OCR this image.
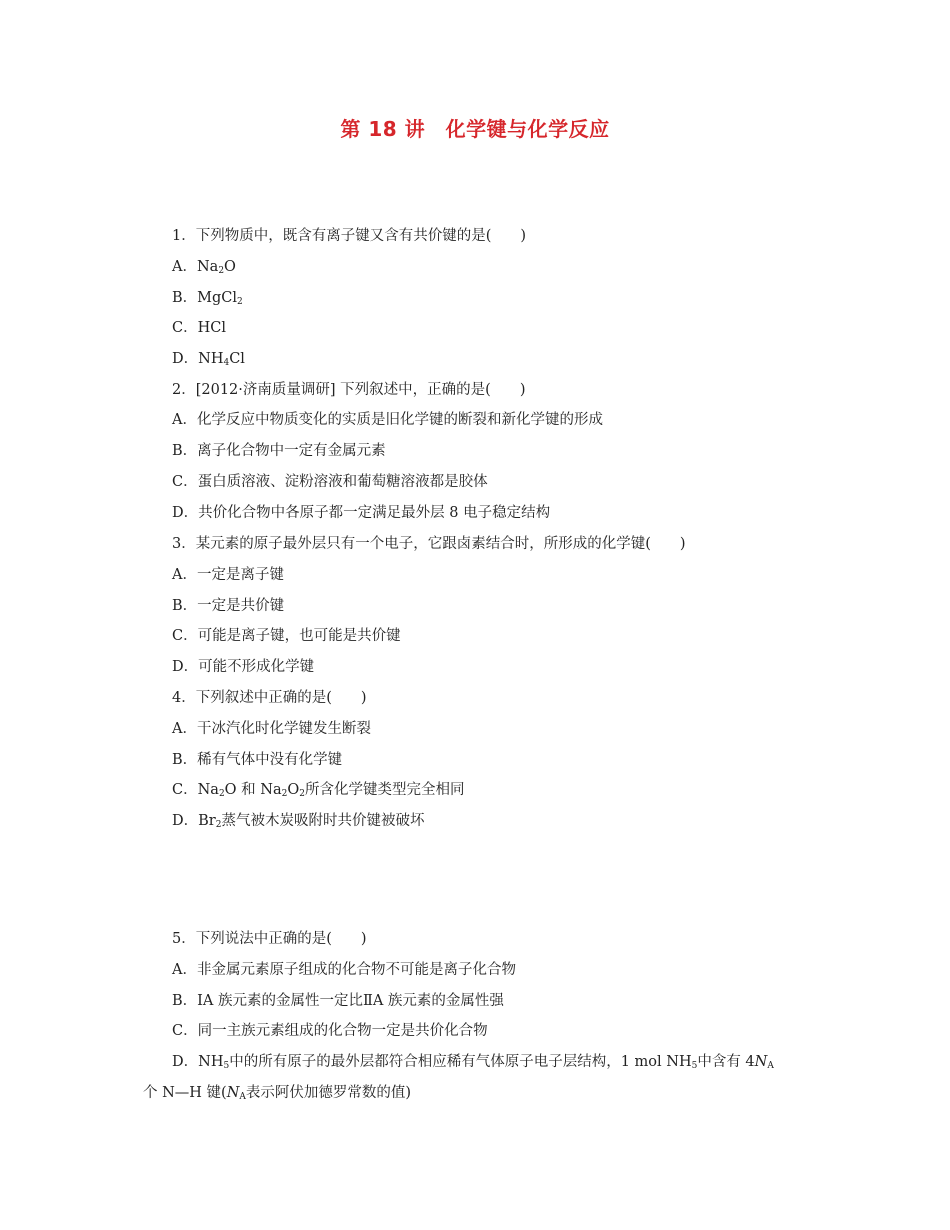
第 18 讲　化学键与化学反应
1．下列物质中，既含有离子键又含有共价键的是(　　)
A．$Na_2O$
B．MgCl$_2$
C．HCl
D．$NH_4Cl$
2．[2012·济南质量调研] 下列叙述中，正确的是(　　)
A．化学反应中物质变化的实质是旧化学键的断裂和新化学键的形成
B．离子化合物中一定有金属元素
C．蛋白质溶液、淀粉溶液和葡萄糖溶液都是胶体
D．共价化合物中各原子都一定满足最外层 8 电子稳定结构
3．某元素的原子最外层只有一个电子，它跟卤素结合时，所形成的化学键(　　)
A．一定是离子键
B．一定是共价键
C．可能是离子键，也可能是共价键
D．可能不形成化学键
4．下列叙述中正确的是(　　)
A．干冰汽化时化学键发生断裂
B．稀有气体中没有化学键
C．$Na_2O$ 和 $Na_2O_2$所含化学键类型完全相同
D．$Br_2$蒸气被木炭吸附时共价键被破坏
5．下列说法中正确的是(　　)
A．非金属元素原子组成的化合物不可能是离子化合物
B．ⅠA 族元素的金属性一定比ⅡA 族元素的金属性强
C．同一主族元素组成的化合物一定是共价化合物
D．$NH_5$中的所有原子的最外层都符合相应稀有气体原子电子层结构，1 mol $NH_5$中含有 $4N_A$
个 N—H 键($N_A$表示阿伏加德罗常数的值)
